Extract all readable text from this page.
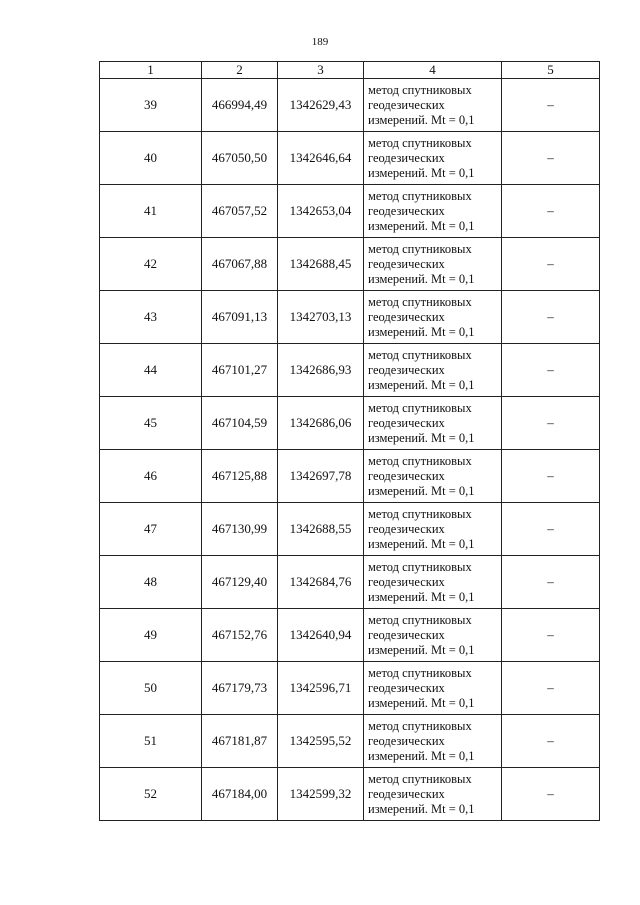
189
1	2	3	4	5
39	466994,49	1342629,43	метод спутниковых
геодезических
измерений. Mt = 0,1	–
40	467050,50	1342646,64	метод спутниковых
геодезических
измерений. Mt = 0,1	–
41	467057,52	1342653,04	метод спутниковых
геодезических
измерений. Mt = 0,1	–
42	467067,88	1342688,45	метод спутниковых
геодезических
измерений. Mt = 0,1	–
43	467091,13	1342703,13	метод спутниковых
геодезических
измерений. Mt = 0,1	–
44	467101,27	1342686,93	метод спутниковых
геодезических
измерений. Mt = 0,1	–
45	467104,59	1342686,06	метод спутниковых
геодезических
измерений. Mt = 0,1	–
46	467125,88	1342697,78	метод спутниковых
геодезических
измерений. Mt = 0,1	–
47	467130,99	1342688,55	метод спутниковых
геодезических
измерений. Mt = 0,1	–
48	467129,40	1342684,76	метод спутниковых
геодезических
измерений. Mt = 0,1	–
49	467152,76	1342640,94	метод спутниковых
геодезических
измерений. Mt = 0,1	–
50	467179,73	1342596,71	метод спутниковых
геодезических
измерений. Mt = 0,1	–
51	467181,87	1342595,52	метод спутниковых
геодезических
измерений. Mt = 0,1	–
52	467184,00	1342599,32	метод спутниковых
геодезических
измерений. Mt = 0,1	–
